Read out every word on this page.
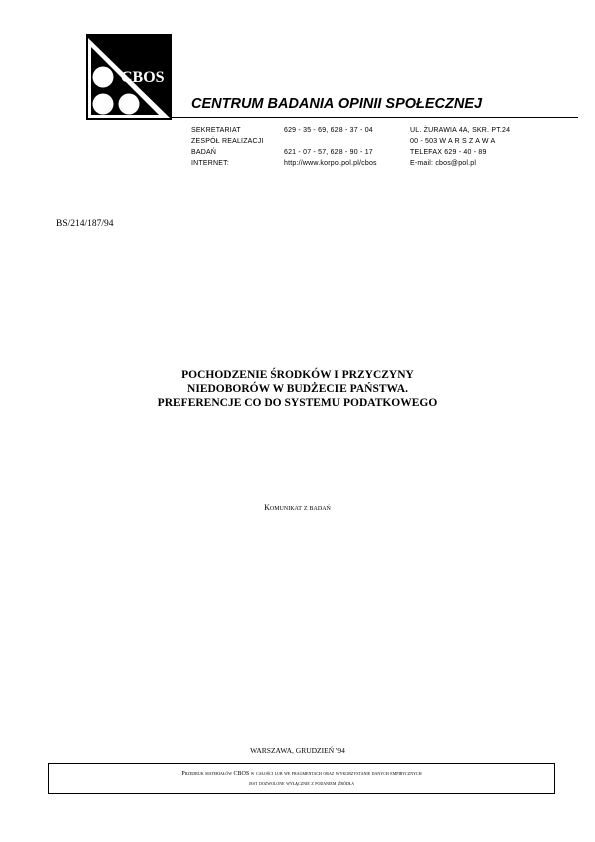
CBOS
CENTRUM BADANIA OPINII SPOŁECZNEJ
SEKRETARIAT
ZESPÓŁ REALIZACJI
BADAŃ
INTERNET:
629 - 35 - 69, 628 - 37 - 04

621 - 07 - 57, 628 - 90 - 17
http://www.korpo.pol.pl/cbos
UL. ŻURAWIA 4A, SKR. PT.24
00 - 503 W A R S Z A W A
TELEFAX 629 - 40 - 89
E-mail: cbos@pol.pl
BS/214/187/94
POCHODZENIE ŚRODKÓW I PRZYCZYNY
NIEDOBORÓW W BUDŻECIE PAŃSTWA.
PREFERENCJE CO DO SYSTEMU PODATKOWEGO
Komunikat z badań
WARSZAWA, GRUDZIEŃ '94
Przedruk materiałów CBOS w całości lub we fragmentach oraz wykorzystanie danych empirycznych
jest dozwolone wyłącznie z podaniem źródła
